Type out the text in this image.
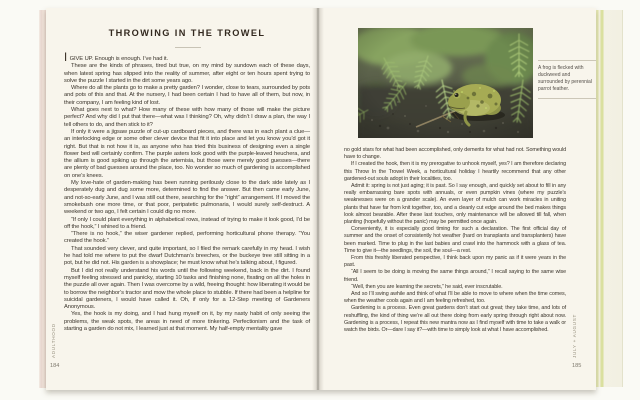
THROWING IN THE TROWEL

IGIVE UP. Enough is enough. I’ve had it.

These are the kinds of phrases, tired but true, on my mind by sundown each of these days, when latest spring has slipped into the reality of summer, after eight or ten hours spent trying to solve the puzzle I started in the dirt some years ago.

Where do all the plants go to make a pretty garden? I wonder, close to tears, surrounded by pots and pots of this and that. At the nursery, I had been certain I had to have all of them, but now, in their company, I am feeling kind of lost.

What goes next to what? How many of these with how many of those will make the picture perfect? And why did I put that there—what was I thinking? Oh, why didn’t I draw a plan, the way I tell others to do, and then stick to it?

If only it were a jigsaw puzzle of cut-up cardboard pieces, and there was in each plant a clue—an interlocking edge or some other clever device that fit it into place and let you know you’d got it right. But that is not how it is, as anyone who has tried this business of designing even a single flower bed will certainly confirm. The purple asters look good with the purple-leaved heuchera, and the allium is good spiking up through the artemisia, but those were merely good guesses—there are plenty of bad guesses around the place, too. No wonder so much of gardening is accomplished on one’s knees.

My love-hate of garden-making has been running perilously close to the dark side lately as I desperately dug and dug some more, determined to find the answer. But then came early June, and not-so-early June, and I was still out there, searching for the “right” arrangement. If I moved the smokebush one more time, or that poor, peripatetic pulmonaria, I would surely self-destruct. A weekend or two ago, I felt certain I could dig no more.

“If only I could plant everything in alphabetical rows, instead of trying to make it look good, I’d be off the hook,” I whined to a friend.

“There is no hook,” the wiser gardener replied, performing horticultural phone therapy. “You created the hook.”

That sounded very clever, and quite important, so I filed the remark carefully in my head. I wish he had told me where to put the dwarf Dutchman’s breeches, or the buckeye tree still sitting in a pot, but he did not. His garden is a showplace; he must know what he’s talking about, I figured.

But I did not really understand his words until the following weekend, back in the dirt. I found myself feeling stressed and panicky, starting 10 tasks and finishing none, fixating on all the holes in the puzzle all over again. Then I was overcome by a wild, freeing thought: how liberating it would be to borrow the neighbor’s tractor and mow the whole place to stubble. If there had been a helpline for suicidal gardeners, I would have called it. Oh, if only for a 12-Step meeting of Gardeners Anonymous.

Yes, the hook is my doing, and I had hung myself on it, by my nasty habit of only seeing the problems, the weak spots, the areas in need of more tinkering. Perfectionism and the task of starting a garden do not mix, I learned just at that moment. My half-empty mentality gave

ADULTHOOD
184
A frog is flecked with duckweed and surrounded by perennial parrot feather.

no gold stars for what had been accomplished, only demerits for what had not. Something would have to change.

If I created the hook, then it is my prerogative to unhook myself, yes? I am therefore declaring this Throw In the Trowel Week, a horticultural holiday I heartily recommend that any other gardened-out souls adopt in their localities, too.

Admit it: spring is not just aging; it is past. So I say enough, and quickly set about to fill in any really embarrassing bare spots with annuals, or even pumpkin vines (where my puzzle’s weaknesses were on a grander scale). An even layer of mulch can work miracles in uniting plants that have far from knit together, too, and a cleanly cut edge around the bed makes things look almost bearable. After these last touches, only maintenance will be allowed till fall, when planting (hopefully without the panic) may be permitted once again.

Conveniently, it is especially good timing for such a declaration. The first official day of summer and the onset of consistently hot weather (hard on transplants and transplanters) have been marked. Time to plug in the last babies and crawl into the hammock with a glass of tea. Time to give it—the seedlings, the soil, the soul—a rest.

From this freshly liberated perspective, I think back upon my panic as if it were years in the past.

“All I seem to be doing is moving the same things around,” I recall saying to the same wise friend.

“Well, then you are learning the secrets,” he said, ever inscrutable.

And so I’ll swing awhile and think of what I’ll be able to move to where when the time comes, when the weather cools again and I am feeling refreshed, too.

Gardening is a process. Even great gardens don’t start out great; they take time, and lots of reshuffling, the kind of thing we’re all out there doing from early spring through right about now. Gardening is a process, I repeat this new mantra now as I find myself with time to take a walk or watch the birds. Or—dare I say it?—with time to simply look at what I have accomplished.	JULY + AUGUST
185
